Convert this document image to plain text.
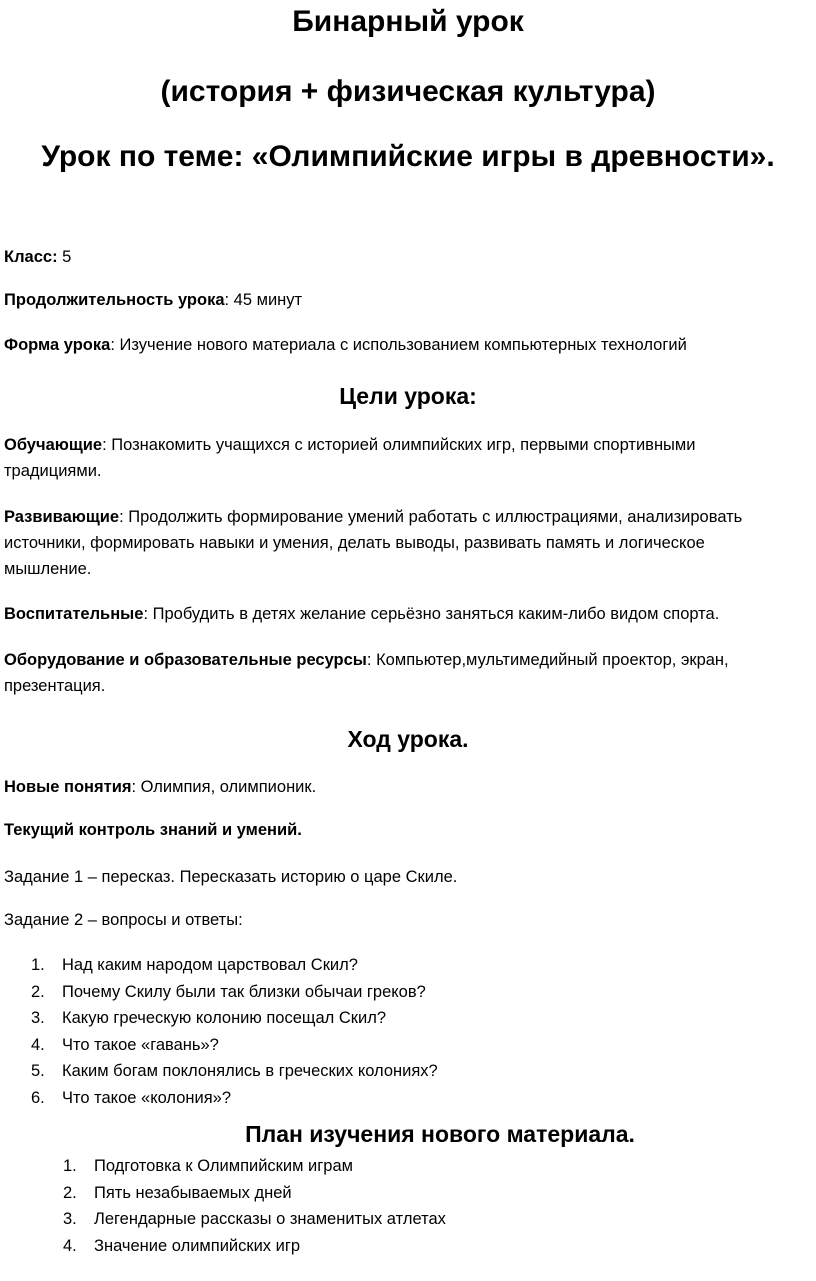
Бинарный урок
(история + физическая культура)
Урок по теме: «Олимпийские игры в древности».

Класс: 5

Продолжительность урока: 45 минут

Форма урока: Изучение нового материала с использованием компьютерных технологий

Цели урока:

Обучающие: Познакомить учащихся с историей олимпийских игр, первыми спортивными традициями.

Развивающие: Продолжить формирование умений работать с иллюстрациями, анализировать источники, формировать навыки и умения, делать выводы, развивать память и логическое мышление.

Воспитательные: Пробудить в детях желание серьёзно заняться каким-либо видом спорта.

Оборудование и образовательные ресурсы: Компьютер,мультимедийный проектор, экран, презентация.

Ход урока.

Новые понятия: Олимпия, олимпионик.

Текущий контроль знаний и умений.

Задание 1 – пересказ. Пересказать историю о царе Скиле.

Задание 2 – вопросы и ответы:

1. Над каким народом царствовал Скил?
2. Почему Скилу были так близки обычаи греков?
3. Какую греческую колонию посещал Скил?
4. Что такое «гавань»?
5. Каким богам поклонялись в греческих колониях?
6. Что такое «колония»?
План изучения нового материала.
1. Подготовка к Олимпийским играм
2. Пять незабываемых дней
3. Легендарные рассказы о знаменитых атлетах
4. Значение олимпийских игр
